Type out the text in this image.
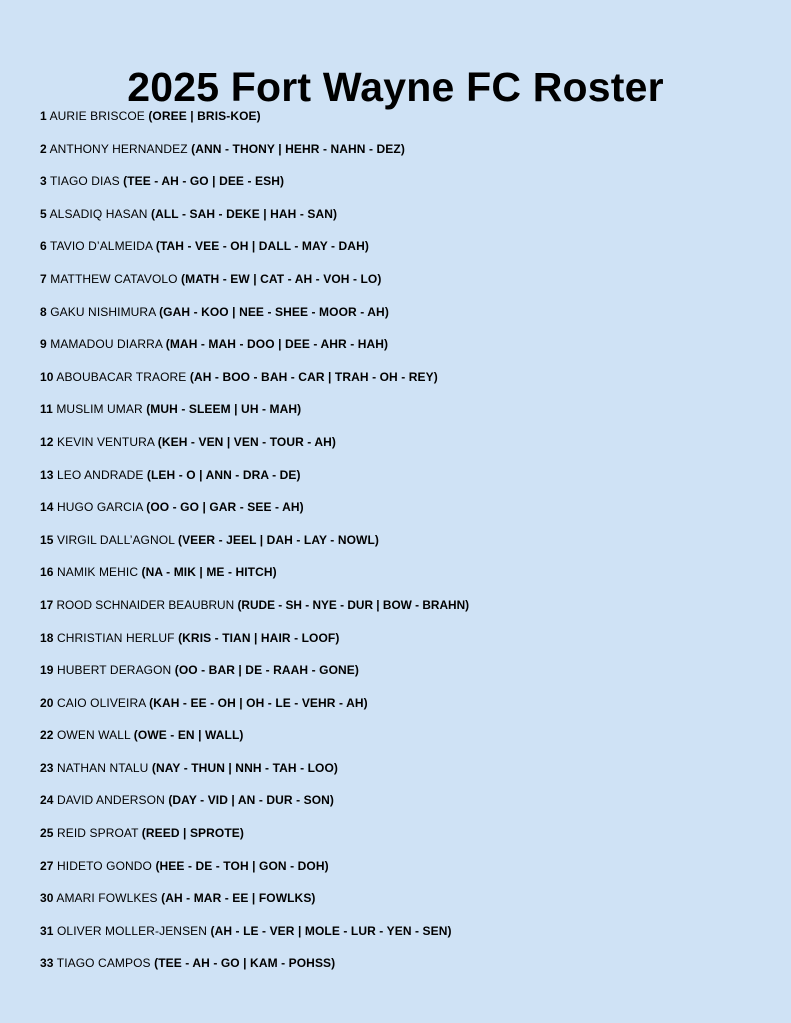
2025 Fort Wayne FC Roster
1 AURIE BRISCOE (OREE | BRIS-KOE)
2 ANTHONY HERNANDEZ (ANN - THONY | HEHR - NAHN - DEZ)
3 TIAGO DIAS (TEE - AH - GO | DEE - ESH)
5 ALSADIQ HASAN (ALL - SAH - DEKE | HAH - SAN)
6 TAVIO D’ALMEIDA (TAH - VEE - OH | DALL - MAY - DAH)
7 MATTHEW CATAVOLO (MATH - EW | CAT - AH - VOH - LO)
8 GAKU NISHIMURA (GAH - KOO | NEE - SHEE - MOOR - AH)
9 MAMADOU DIARRA (MAH - MAH - DOO | DEE - AHR - HAH)
10 ABOUBACAR TRAORE (AH - BOO - BAH - CAR | TRAH - OH - REY)
11 MUSLIM UMAR (MUH - SLEEM | UH - MAH)
12 KEVIN VENTURA (KEH - VEN | VEN - TOUR - AH)
13 LEO ANDRADE (LEH - O | ANN - DRA - DE)
14 HUGO GARCIA (OO - GO | GAR - SEE - AH)
15 VIRGIL DALL’AGNOL (VEER - JEEL | DAH - LAY - NOWL)
16 NAMIK MEHIC (NA - MIK | ME - HITCH)
17 ROOD SCHNAIDER BEAUBRUN (RUDE - SH - NYE - DUR | BOW - BRAHN)
18 CHRISTIAN HERLUF (KRIS - TIAN | HAIR - LOOF)
19 HUBERT DERAGON (OO - BAR | DE - RAAH - GONE)
20 CAIO OLIVEIRA (KAH - EE - OH | OH - LE - VEHR - AH)
22 OWEN WALL (OWE - EN | WALL)
23 NATHAN NTALU (NAY - THUN | NNH - TAH - LOO)
24 DAVID ANDERSON (DAY - VID | AN - DUR - SON)
25 REID SPROAT (REED | SPROTE)
27 HIDETO GONDO (HEE - DE - TOH | GON - DOH)
30 AMARI FOWLKES (AH - MAR - EE | FOWLKS)
31 OLIVER MOLLER-JENSEN (AH - LE - VER | MOLE - LUR - YEN - SEN)
33 TIAGO CAMPOS (TEE - AH - GO | KAM - POHSS)
